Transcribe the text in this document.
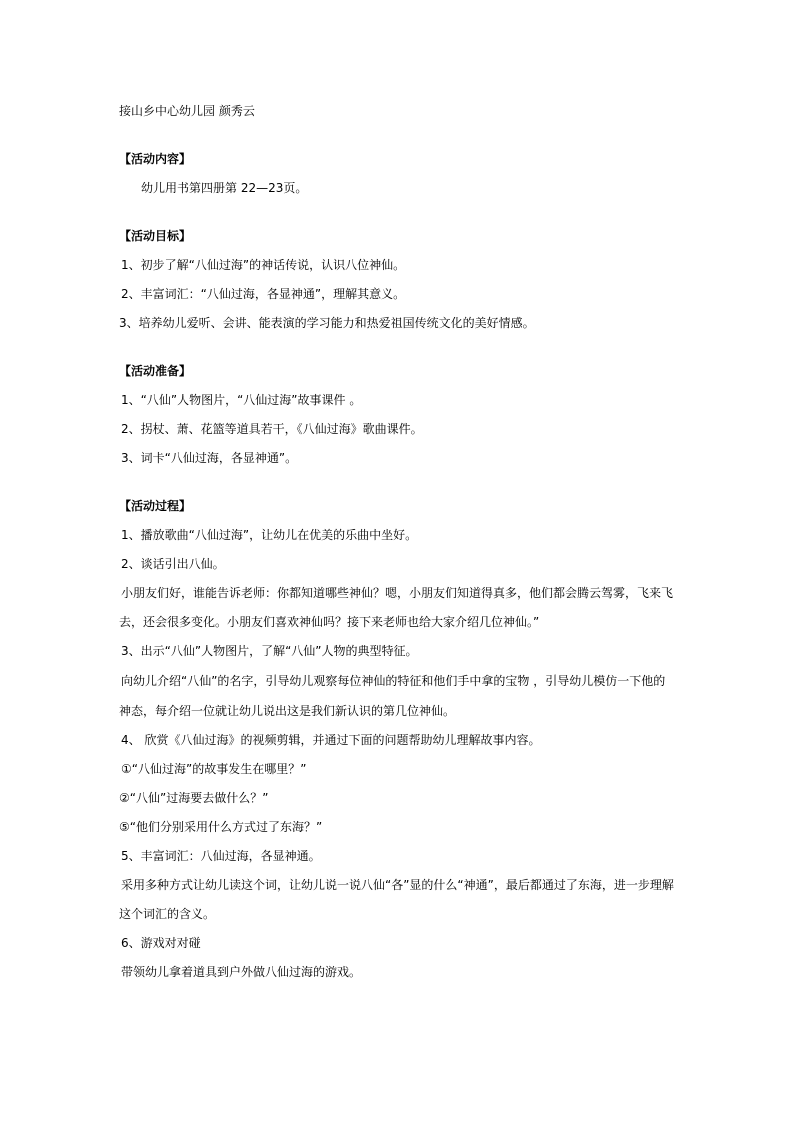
接山乡中心幼儿园 颜秀云
【活动内容】
幼儿用书第四册第 22—23页。
【活动目标】
1、初步了解“八仙过海”的神话传说，认识八位神仙。
2、丰富词汇：“八仙过海，各显神通”，理解其意义。
3、培养幼儿爱听、会讲、能表演的学习能力和热爱祖国传统文化的美好情感。
【活动准备】
1、“八仙”人物图片，“八仙过海”故事课件 。
2、拐杖、萧、花篮等道具若干，《八仙过海》歌曲课件。
3、词卡“八仙过海，各显神通”。
【活动过程】
1、播放歌曲“八仙过海”，让幼儿在优美的乐曲中坐好。
2、谈话引出八仙。
小朋友们好，谁能告诉老师：你都知道哪些神仙？嗯，小朋友们知道得真多，他们都会腾云驾雾，飞来飞
去，还会很多变化。小朋友们喜欢神仙吗？接下来老师也给大家介绍几位神仙。”
3、出示“八仙”人物图片，了解“八仙”人物的典型特征。
向幼儿介绍“八仙”的名字，引导幼儿观察每位神仙的特征和他们手中拿的宝物 ，引导幼儿模仿一下他的
神态，每介绍一位就让幼儿说出这是我们新认识的第几位神仙。
4、 欣赏《八仙过海》的视频剪辑，并通过下面的问题帮助幼儿理解故事内容。
①“八仙过海”的故事发生在哪里？”
②“八仙”过海要去做什么？”
⑤“他们分别采用什么方式过了东海？”
5、丰富词汇：八仙过海，各显神通。
采用多种方式让幼儿读这个词，让幼儿说一说八仙“各”显的什么“神通”，最后都通过了东海，进一步理解
这个词汇的含义。
6、游戏对对碰
带领幼儿拿着道具到户外做八仙过海的游戏。
